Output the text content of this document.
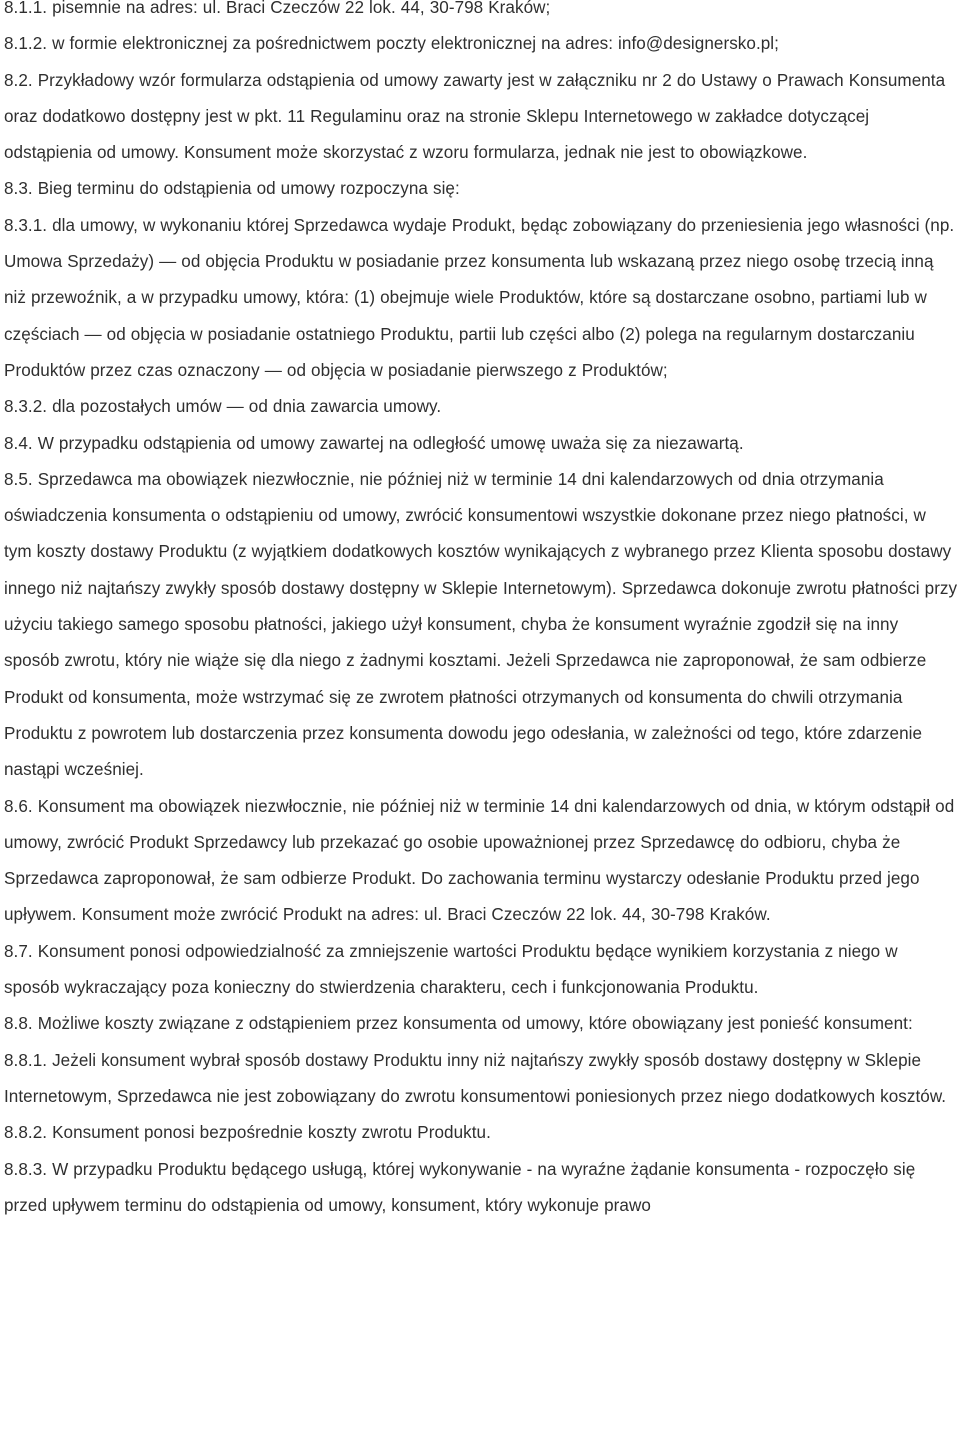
8.1.1. pisemnie na adres: ul. Braci Czeczów 22 lok. 44, 30-798 Kraków;

8.1.2. w formie elektronicznej za pośrednictwem poczty elektronicznej na adres: info@designersko.pl;

8.2. Przykładowy wzór formularza odstąpienia od umowy zawarty jest w załączniku nr 2 do Ustawy o Prawach Konsumenta oraz dodatkowo dostępny jest w pkt. 11 Regulaminu oraz na stronie Sklepu Internetowego w zakładce dotyczącej odstąpienia od umowy. Konsument może skorzystać z wzoru formularza, jednak nie jest to obowiązkowe.

8.3. Bieg terminu do odstąpienia od umowy rozpoczyna się:

8.3.1. dla umowy, w wykonaniu której Sprzedawca wydaje Produkt, będąc zobowiązany do przeniesienia jego własności (np. Umowa Sprzedaży) — od objęcia Produktu w posiadanie przez konsumenta lub wskazaną przez niego osobę trzecią inną niż przewoźnik, a w przypadku umowy, która: (1) obejmuje wiele Produktów, które są dostarczane osobno, partiami lub w częściach — od objęcia w posiadanie ostatniego Produktu, partii lub części albo (2) polega na regularnym dostarczaniu Produktów przez czas oznaczony — od objęcia w posiadanie pierwszego z Produktów;

8.3.2. dla pozostałych umów — od dnia zawarcia umowy.

8.4. W przypadku odstąpienia od umowy zawartej na odległość umowę uważa się za niezawartą.

8.5. Sprzedawca ma obowiązek niezwłocznie, nie później niż w terminie 14 dni kalendarzowych od dnia otrzymania oświadczenia konsumenta o odstąpieniu od umowy, zwrócić konsumentowi wszystkie dokonane przez niego płatności, w tym koszty dostawy Produktu (z wyjątkiem dodatkowych kosztów wynikających z wybranego przez Klienta sposobu dostawy innego niż najtańszy zwykły sposób dostawy dostępny w Sklepie Internetowym). Sprzedawca dokonuje zwrotu płatności przy użyciu takiego samego sposobu płatności, jakiego użył konsument, chyba że konsument wyraźnie zgodził się na inny sposób zwrotu, który nie wiąże się dla niego z żadnymi kosztami. Jeżeli Sprzedawca nie zaproponował, że sam odbierze Produkt od konsumenta, może wstrzymać się ze zwrotem płatności otrzymanych od konsumenta do chwili otrzymania Produktu z powrotem lub dostarczenia przez konsumenta dowodu jego odesłania, w zależności od tego, które zdarzenie nastąpi wcześniej.

8.6. Konsument ma obowiązek niezwłocznie, nie później niż w terminie 14 dni kalendarzowych od dnia, w którym odstąpił od umowy, zwrócić Produkt Sprzedawcy lub przekazać go osobie upoważnionej przez Sprzedawcę do odbioru, chyba że Sprzedawca zaproponował, że sam odbierze Produkt. Do zachowania terminu wystarczy odesłanie Produktu przed jego upływem. Konsument może zwrócić Produkt na adres: ul. Braci Czeczów 22 lok. 44, 30-798 Kraków.

8.7. Konsument ponosi odpowiedzialność za zmniejszenie wartości Produktu będące wynikiem korzystania z niego w sposób wykraczający poza konieczny do stwierdzenia charakteru, cech i funkcjonowania Produktu.

8.8. Możliwe koszty związane z odstąpieniem przez konsumenta od umowy, które obowiązany jest ponieść konsument:

8.8.1. Jeżeli konsument wybrał sposób dostawy Produktu inny niż najtańszy zwykły sposób dostawy dostępny w Sklepie Internetowym, Sprzedawca nie jest zobowiązany do zwrotu konsumentowi poniesionych przez niego dodatkowych kosztów.

8.8.2. Konsument ponosi bezpośrednie koszty zwrotu Produktu.

8.8.3. W przypadku Produktu będącego usługą, której wykonywanie - na wyraźne żądanie konsumenta - rozpoczęło się przed upływem terminu do odstąpienia od umowy, konsument, który wykonuje prawo
